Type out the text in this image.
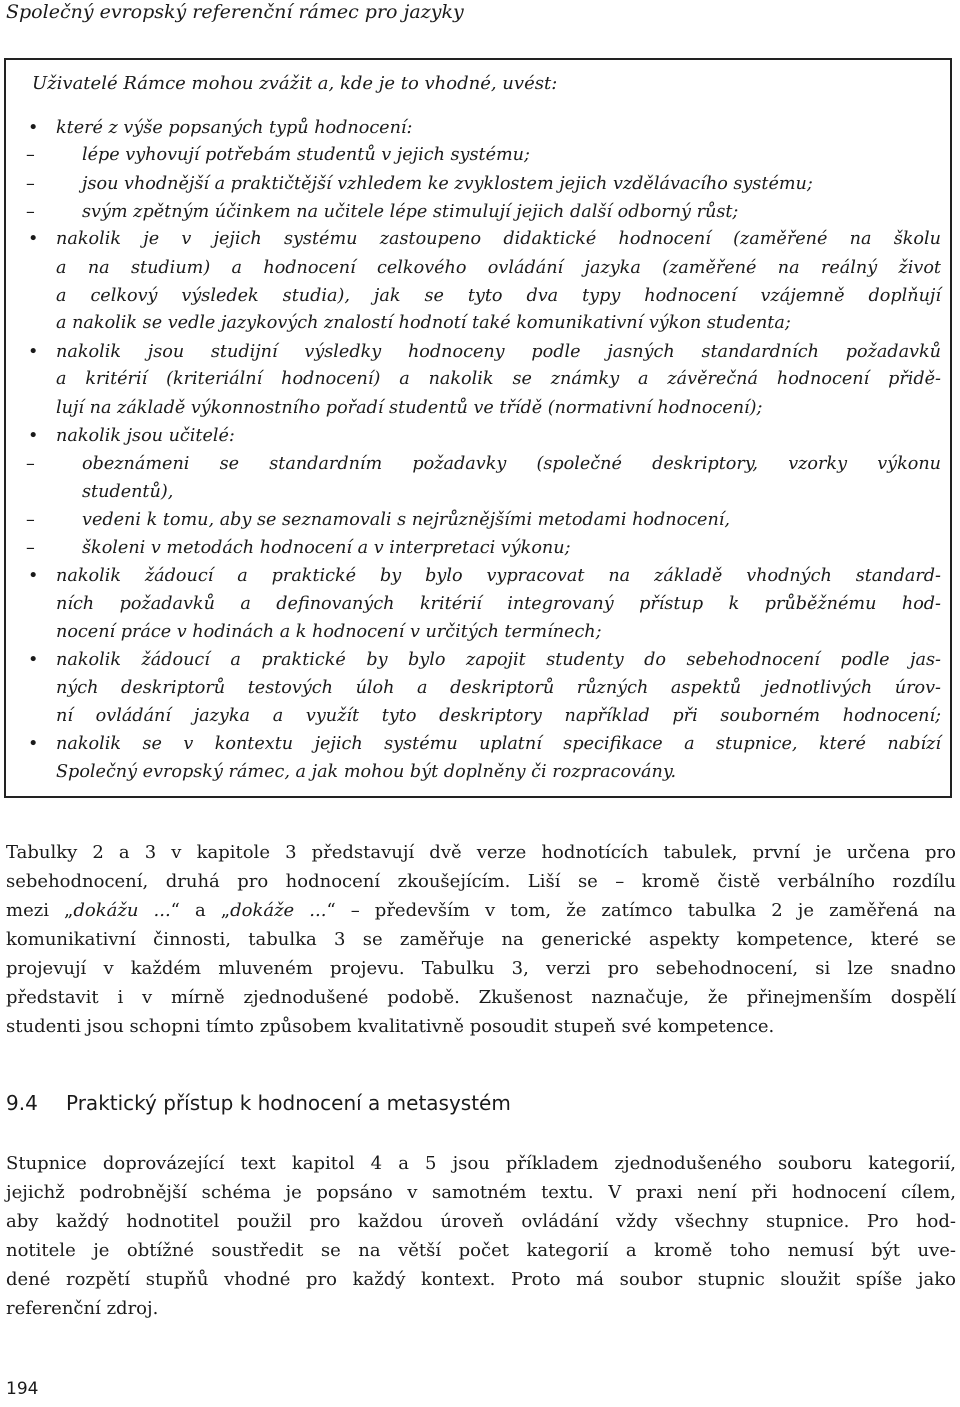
Společný evropský referenční rámec pro jazyky
Uživatelé Rámce mohou zvážit a, kde je to vhodné, uvést:
•	které z výše popsaných typů hodnocení:
–	lépe vyhovují potřebám studentů v jejich systému;
–	jsou vhodnější a praktičtější vzhledem ke zvyklostem jejich vzdělávacího systému;
–	svým zpětným účinkem na učitele lépe stimulují jejich další odborný růst;
•	nakolik je v jejich systému zastoupeno didaktické hodnocení (zaměřené na školu
a na studium) a hodnocení celkového ovládání jazyka (zaměřené na reálný život
a celkový výsledek studia), jak se tyto dva typy hodnocení vzájemně doplňují
a nakolik se vedle jazykových znalostí hodnotí také komunikativní výkon studenta;
•	nakolik jsou studijní výsledky hodnoceny podle jasných standardních požadavků
a kritérií (kriteriální hodnocení) a nakolik se známky a závěrečná hodnocení přidě-
lují na základě výkonnostního pořadí studentů ve třídě (normativní hodnocení);
•	nakolik jsou učitelé:
–	obeznámeni se standardním požadavky (společné deskriptory, vzorky výkonu
studentů),
–	vedeni k tomu, aby se seznamovali s nejrůznějšími metodami hodnocení,
–	školeni v metodách hodnocení a v interpretaci výkonu;
•	nakolik žádoucí a praktické by bylo vypracovat na základě vhodných standard-
ních požadavků a definovaných kritérií integrovaný přístup k průběžnému hod-
nocení práce v hodinách a k hodnocení v určitých termínech;
•	nakolik žádoucí a praktické by bylo zapojit studenty do sebehodnocení podle jas-
ných deskriptorů testových úloh a deskriptorů různých aspektů jednotlivých úrov-
ní ovládání jazyka a využít tyto deskriptory například při souborném hodnocení;
•	nakolik se v kontextu jejich systému uplatní specifikace a stupnice, které nabízí
Společný evropský rámec, a jak mohou být doplněny či rozpracovány.
Tabulky 2 a 3 v kapitole 3 představují dvě verze hodnotících tabulek, první je určena pro
sebehodnocení, druhá pro hodnocení zkoušejícím. Liší se – kromě čistě verbálního rozdílu
mezi „dokážu ...“ a „dokáže ...“ – především v tom, že zatímco tabulka 2 je zaměřená na
komunikativní činnosti, tabulka 3 se zaměřuje na generické aspekty kompetence, které se
projevují v každém mluveném projevu. Tabulku 3, verzi pro sebehodnocení, si lze snadno
představit i v mírně zjednodušené podobě. Zkušenost naznačuje, že přinejmenším dospělí
studenti jsou schopni tímto způsobem kvalitativně posoudit stupeň své kompetence.
9.4 Praktický přístup k hodnocení a metasystém
Stupnice doprovázející text kapitol 4 a 5 jsou příkladem zjednodušeného souboru kategorií,
jejichž podrobnější schéma je popsáno v samotném textu. V praxi není při hodnocení cílem,
aby každý hodnotitel použil pro každou úroveň ovládání vždy všechny stupnice. Pro hod-
notitele je obtížné soustředit se na větší počet kategorií a kromě toho nemusí být uve-
dené rozpětí stupňů vhodné pro každý kontext. Proto má soubor stupnic sloužit spíše jako
referenční zdroj.
194
